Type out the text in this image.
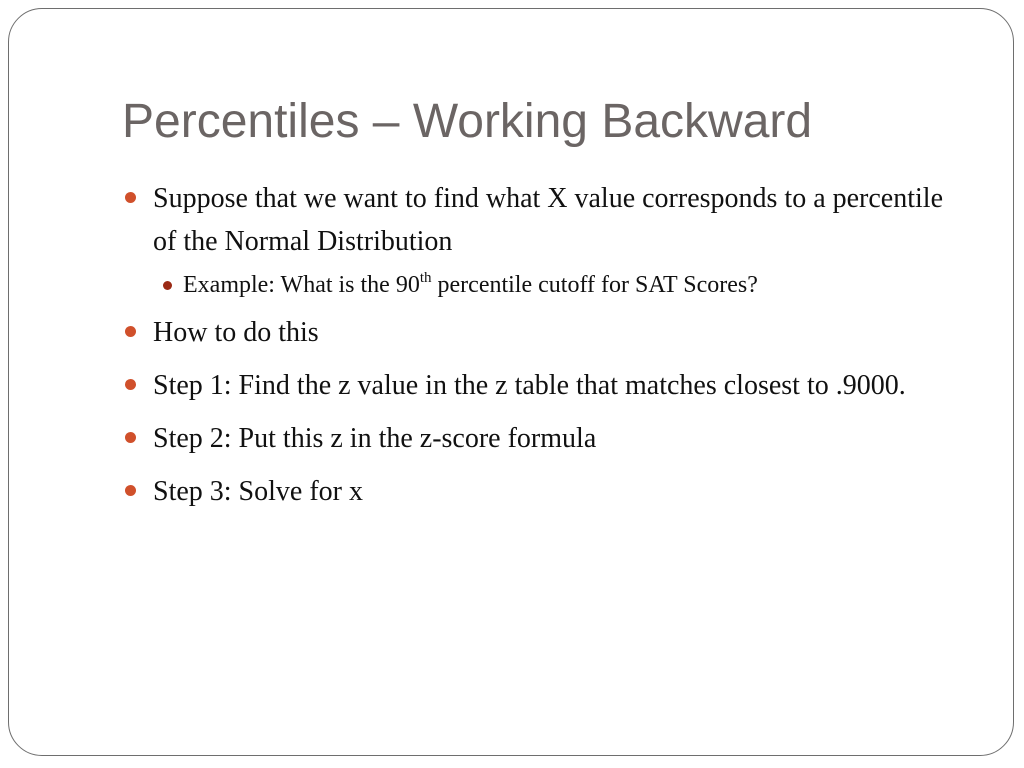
Percentiles – Working Backward
Suppose that we want to find what X value corresponds to a percentile of the Normal Distribution
Example: What is the 90th percentile cutoff for SAT Scores?
How to do this
Step 1: Find the z value in the z table that matches closest to .9000.
Step 2: Put this z in the z-score formula
Step 3: Solve for x
